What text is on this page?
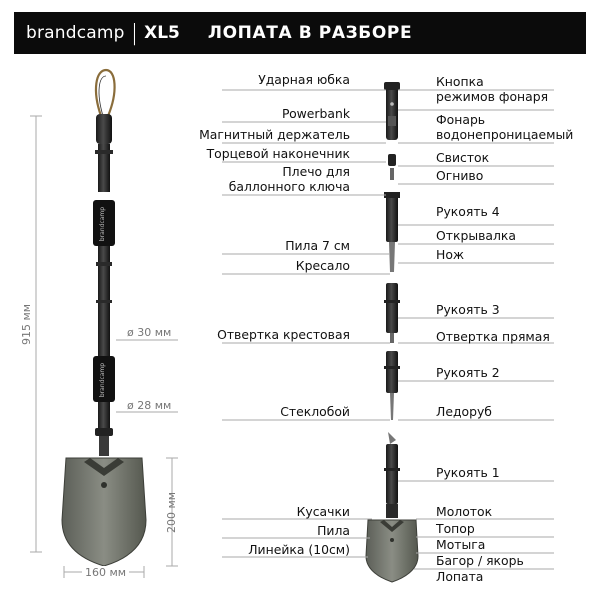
brandcamp | XL5 ЛОПАТА В РАЗБОРЕ
brandcamp
brandcamp
915 мм	ø 30 мм
ø 28 мм
200 мм
160 мм
Ударная юбка
Powerbank
Магнитный держатель
Торцевой наконечник
Плечо для
баллонного ключа
Пила 7 см
Кресало
Отвертка крестовая
Стеклобой
Кусачки
Пила
Линейка (10см)
Кнопка
режимов фонаря
Фонарь
водонепроницаемый
Свисток
Огниво
Рукоять 4
Открывалка
Нож
Рукоять 3
Отвертка прямая
Рукоять 2
Ледоруб
Рукоять 1
Молоток
Топор
Мотыга
Багор / якорь
Лопата
